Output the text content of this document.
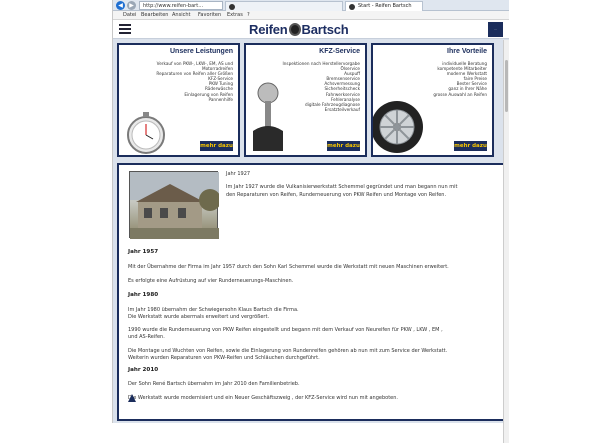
◀	▶	http://www.reifen-bart…	Start - Reifen Bartsch
Datei Bearbeiten Ansicht Favoriten Extras ?
Reifen Bartsch	···
Unsere Leistungen
Verkauf von PKW-, LKW-, EM, AS und
Motorradreifen
Reparaturen von Reifen aller Größen
KFZ-Service
PKW Tuning
Räderwäsche
Einlagerung von Reifen
Pannenhilfe
mehr dazu
KFZ-Service
Inspektionen nach Herstellervorgabe
Ölservice
Auspuff
Bremsenservice
Achsvermessung
Sicherheitscheck
Fahrwerkservice
Fehleranalyse
digitale Fahrzeugdiagnose
Ersatzteilverkauf
mehr dazu
Ihre Vorteile
individuelle Beratung
kompetente Mitarbeiter
moderne Werkstatt
faire Preise
Bester Service
ganz in Ihrer Nähe
grosse Auswahl an Reifen
mehr dazu
Jahr 1927
Im Jahr 1927 wurde die Vulkanisierwerkstatt Schemmel gegründet und man begann nun mit
den Reparaturen von Reifen, Runderneuerung von PKW Reifen und Montage von Reifen.
Jahr 1957
Mit der Übernahme der Firma im Jahr 1957 durch den Sohn Karl Schemmel wurde die Werkstatt mit neuen Maschinen erweitert.
Es erfolgte eine Aufrüstung auf vier Runderneuerungs-Maschinen.
Jahr 1980
Im Jahr 1980 übernahm der Schwiegersohn Klaus Bartsch die Firma.
Die Werkstatt wurde abermals erweitert und vergrößert.
1990 wurde die Runderneuerung von PKW Reifen eingestellt und begann mit dem Verkauf von Neureifen für PKW , LKW , EM ,
und AS-Reifen.
Die Montage und Wuchten von Reifen, sowie die Einlagerung von Rundenreifen gehören ab nun mit zum Service der Werkstatt.
Weiterin wurden Reparaturen von PKW-Reifen und Schläuchen durchgeführt.
Jahr 2010
Der Sohn René Bartsch übernahm im Jahr 2010 den Familienbetrieb.
Die Werkstatt wurde modernisiert und ein Neuer Geschäftszweig , der KFZ-Service wird nun mit angeboten.
